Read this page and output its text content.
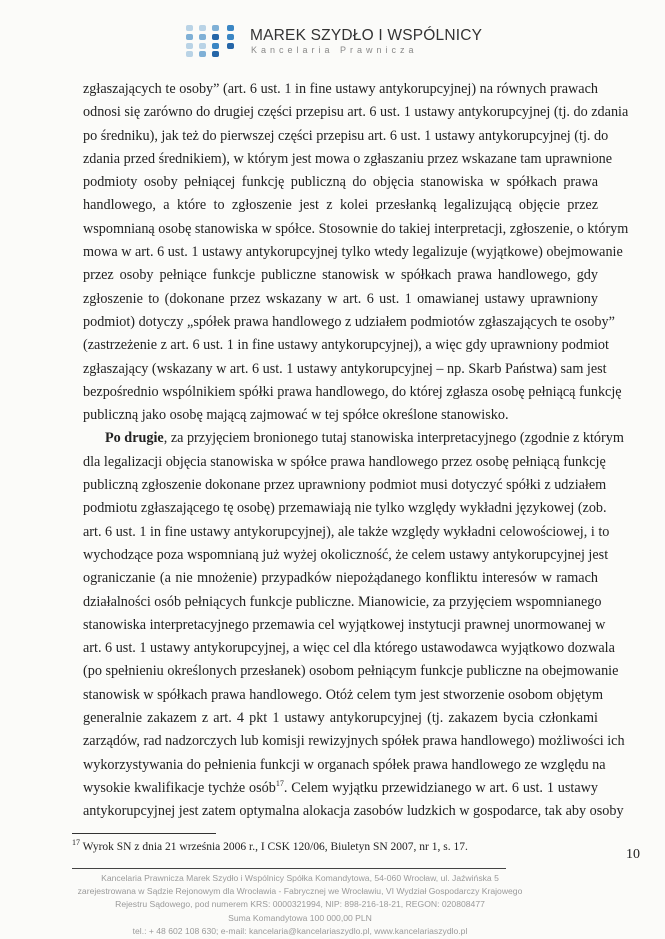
MAREK SZYDŁO I WSPÓLNICY
Kancelaria Prawnicza
zgłaszających te osoby” (art. 6 ust. 1 in fine ustawy antykorupcyjnej) na równych prawach
odnosi się zarówno do drugiej części przepisu art. 6 ust. 1 ustawy antykorupcyjnej (tj. do zdania
po średniku), jak też do pierwszej części przepisu art. 6 ust. 1 ustawy antykorupcyjnej (tj. do
zdania przed średnikiem), w którym jest mowa o zgłaszaniu przez wskazane tam uprawnione
podmioty osoby pełniącej funkcję publiczną do objęcia stanowiska w spółkach prawa
handlowego, a które to zgłoszenie jest z kolei przesłanką legalizującą objęcie przez
wspomnianą osobę stanowiska w spółce. Stosownie do takiej interpretacji, zgłoszenie, o którym
mowa w art. 6 ust. 1 ustawy antykorupcyjnej tylko wtedy legalizuje (wyjątkowe) obejmowanie
przez osoby pełniące funkcje publiczne stanowisk w spółkach prawa handlowego, gdy
zgłoszenie to (dokonane przez wskazany w art. 6 ust. 1 omawianej ustawy uprawniony
podmiot) dotyczy „spółek prawa handlowego z udziałem podmiotów zgłaszających te osoby”
(zastrzeżenie z art. 6 ust. 1 in fine ustawy antykorupcyjnej), a więc gdy uprawniony podmiot
zgłaszający (wskazany w art. 6 ust. 1 ustawy antykorupcyjnej – np. Skarb Państwa) sam jest
bezpośrednio wspólnikiem spółki prawa handlowego, do której zgłasza osobę pełniącą funkcję
publiczną jako osobę mającą zajmować w tej spółce określone stanowisko.
Po drugie, za przyjęciem bronionego tutaj stanowiska interpretacyjnego (zgodnie z którym
dla legalizacji objęcia stanowiska w spółce prawa handlowego przez osobę pełniącą funkcję
publiczną zgłoszenie dokonane przez uprawniony podmiot musi dotyczyć spółki z udziałem
podmiotu zgłaszającego tę osobę) przemawiają nie tylko względy wykładni językowej (zob.
art. 6 ust. 1 in fine ustawy antykorupcyjnej), ale także względy wykładni celowościowej, i to
wychodzące poza wspomnianą już wyżej okoliczność, że celem ustawy antykorupcyjnej jest
ograniczanie (a nie mnożenie) przypadków niepożądanego konfliktu interesów w ramach
działalności osób pełniących funkcje publiczne. Mianowicie, za przyjęciem wspomnianego
stanowiska interpretacyjnego przemawia cel wyjątkowej instytucji prawnej unormowanej w
art. 6 ust. 1 ustawy antykorupcyjnej, a więc cel dla którego ustawodawca wyjątkowo dozwala
(po spełnieniu określonych przesłanek) osobom pełniącym funkcje publiczne na obejmowanie
stanowisk w spółkach prawa handlowego. Otóż celem tym jest stworzenie osobom objętym
generalnie zakazem z art. 4 pkt 1 ustawy antykorupcyjnej (tj. zakazem bycia członkami
zarządów, rad nadzorczych lub komisji rewizyjnych spółek prawa handlowego) możliwości ich
wykorzystywania do pełnienia funkcji w organach spółek prawa handlowego ze względu na
wysokie kwalifikacje tychże osób$^{17}$. Celem wyjątku przewidzianego w art. 6 ust. 1 ustawy
antykorupcyjnej jest zatem optymalna alokacja zasobów ludzkich w gospodarce, tak aby osoby
$^{17}$ Wyrok SN z dnia 21 września 2006 r., I CSK 120/06, Biuletyn SN 2007, nr 1, s. 17.	10
Kancelaria Prawnicza Marek Szydło i Wspólnicy Spółka Komandytowa, 54-060 Wrocław, ul. Jaźwińska 5
zarejestrowana w Sądzie Rejonowym dla Wrocławia - Fabrycznej we Wrocławiu, VI Wydział Gospodarczy Krajowego
Rejestru Sądowego, pod numerem KRS: 0000321994, NIP: 898-216-18-21, REGON: 020808477
Suma Komandytowa 100 000,00 PLN
tel.: + 48 602 108 630; e-mail: kancelaria@kancelariaszydlo.pl, www.kancelariaszydlo.pl
